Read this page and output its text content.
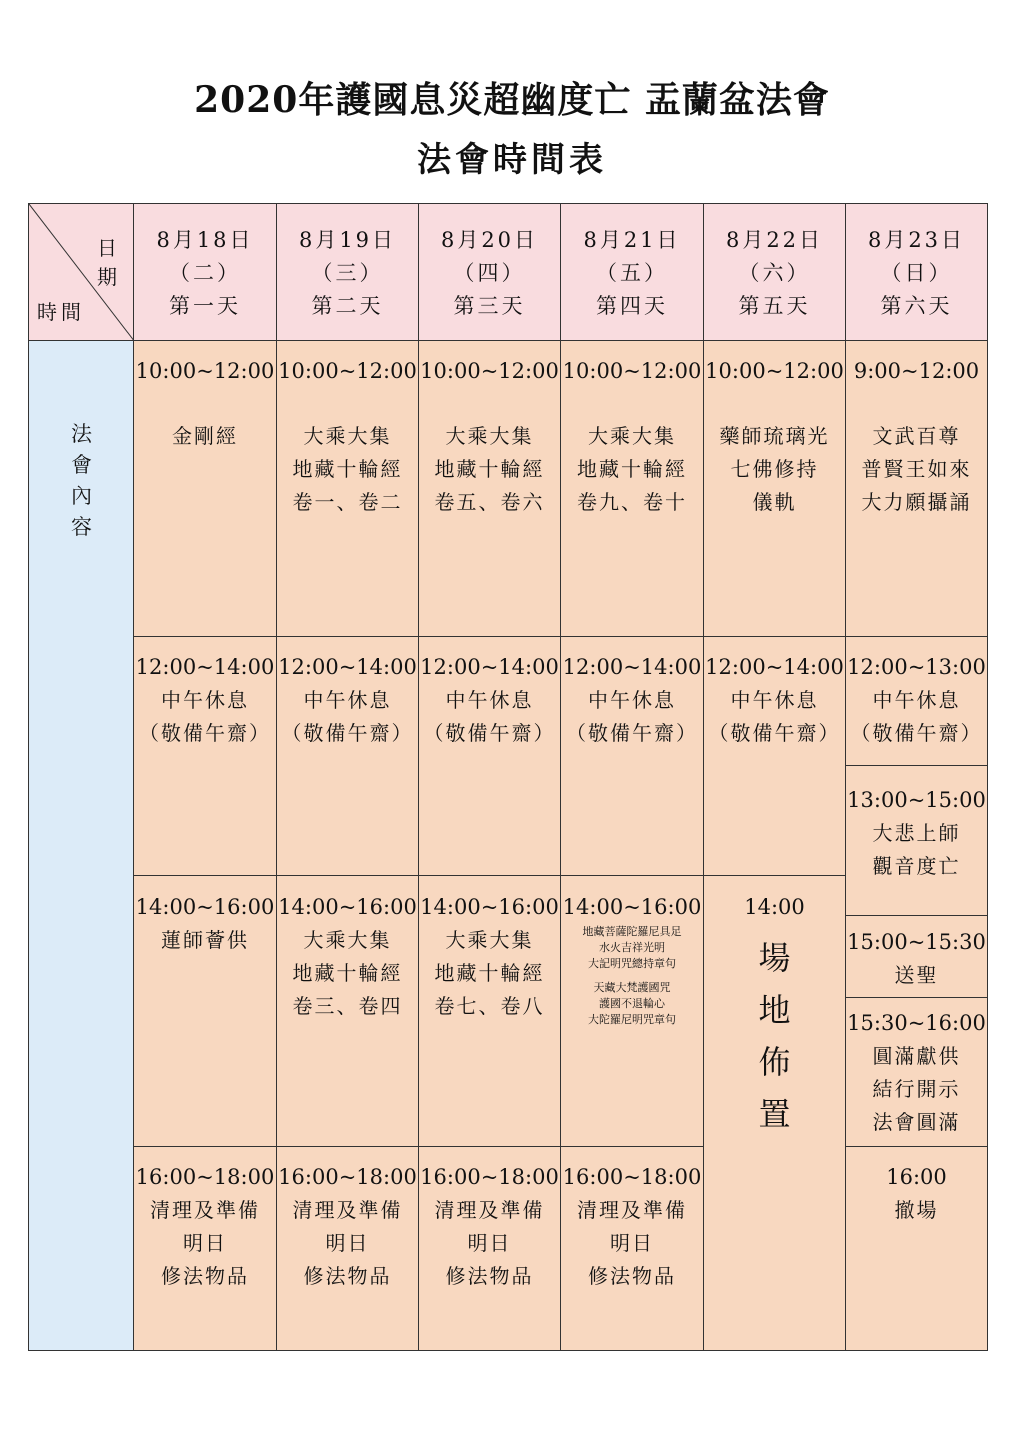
2020年護國息災超幽度亡 盂蘭盆法會
法會時間表
日期
時間
8月18日
（二）
第一天
8月19日
（三）
第二天
8月20日
（四）
第三天
8月21日
（五）
第四天
8月22日
（六）
第五天
8月23日
（日）
第六天
法
會
內
容
10:00~12:00
金剛經
10:00~12:00
大乘大集
地藏十輪經
卷一、卷二
10:00~12:00
大乘大集
地藏十輪經
卷五、卷六
10:00~12:00
大乘大集
地藏十輪經
卷九、卷十
10:00~12:00
藥師琉璃光
七佛修持
儀軌
9:00~12:00
文武百尊
普賢王如來
大力願攝誦
12:00~14:00
中午休息
（敬備午齋）
12:00~14:00
中午休息
（敬備午齋）
12:00~14:00
中午休息
（敬備午齋）
12:00~14:00
中午休息
（敬備午齋）
12:00~14:00
中午休息
（敬備午齋）
12:00~13:00
中午休息
（敬備午齋）
13:00~15:00
大悲上師
觀音度亡
15:00~15:30
送聖
15:30~16:00
圓滿獻供
結行開示
法會圓滿
16:00
撤場
14:00~16:00
蓮師薈供
14:00~16:00
大乘大集
地藏十輪經
卷三、卷四
14:00~16:00
大乘大集
地藏十輪經
卷七、卷八
14:00~16:00
地藏菩薩陀羅尼具足
水火吉祥光明
大記明咒總持章句
天藏大梵護國咒
護國不退輪心
大陀羅尼明咒章句
14:00
場
地
佈
置
16:00~18:00
清理及準備
明日
修法物品
16:00~18:00
清理及準備
明日
修法物品
16:00~18:00
清理及準備
明日
修法物品
16:00~18:00
清理及準備
明日
修法物品
